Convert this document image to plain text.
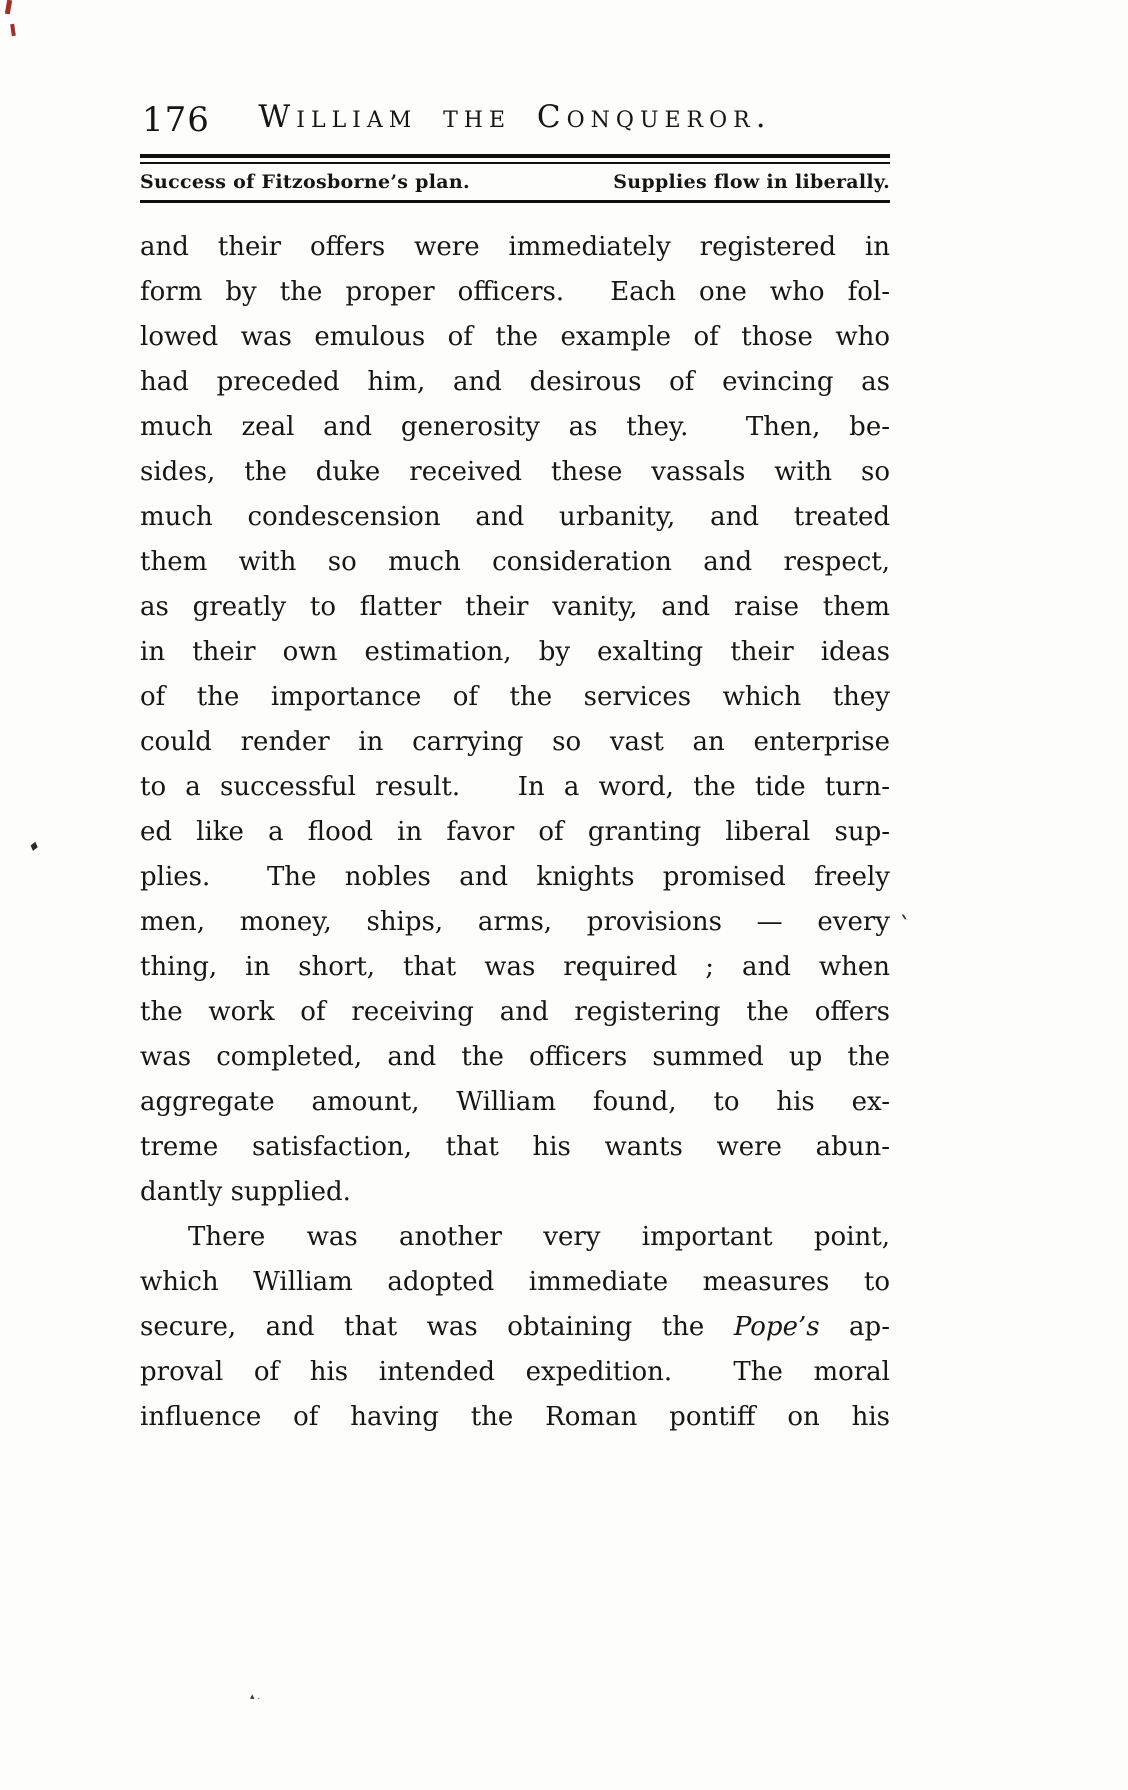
176	William the Conqueror.
Success of Fitzosborne’s plan.	Supplies flow in liberally.
and their offers were immediately registered in
form by the proper officers.  Each one who fol-
lowed was emulous of the example of those who
had preceded him, and desirous of evincing as
much zeal and generosity as they.  Then, be-
sides, the duke received these vassals with so
much condescension and urbanity, and treated
them with so much consideration and respect,
as greatly to flatter their vanity, and raise them
in their own estimation, by exalting their ideas
of the importance of the services which they
could render in carrying so vast an enterprise
to a successful result.   In a word, the tide turn-
ed like a flood in favor of granting liberal sup-
plies.  The nobles and knights promised freely
men, money, ships, arms, provisions — every
thing, in short, that was required ; and when
the work of receiving and registering the offers
was completed, and the officers summed up the
aggregate amount, William found, to his ex-
treme satisfaction, that his wants were abun-
dantly supplied.
There was another very important point,
which William adopted immediate measures to
secure, and that was obtaining the Pope’s ap-
proval of his intended expedition.  The moral
influence of having the Roman pontiff on his
♦
`
▴ .
